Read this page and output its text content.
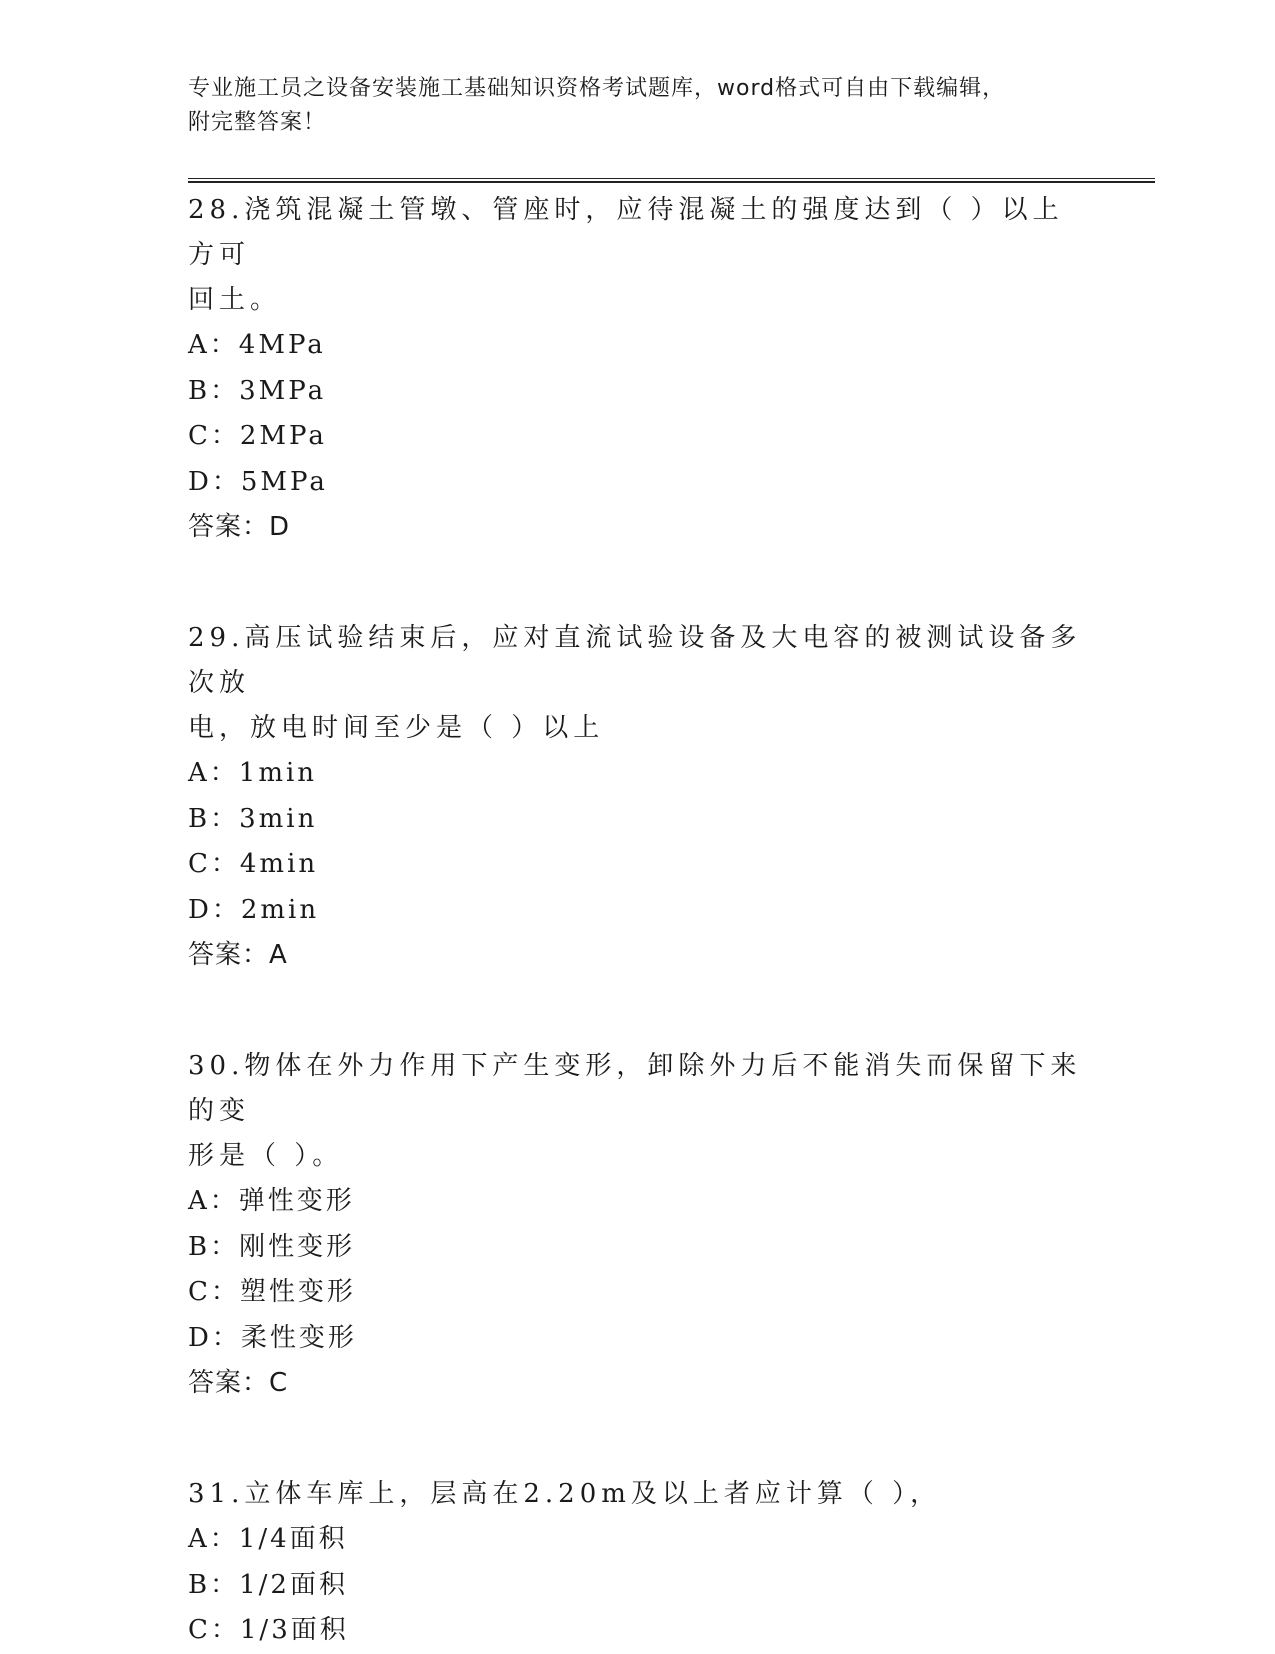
专业施工员之设备安装施工基础知识资格考试题库，word格式可自由下载编辑，
附完整答案！

28.浇筑混凝土管墩、管座时，应待混凝土的强度达到（ ）以上方可

回土。

A：4MPa

B：3MPa

C：2MPa

D：5MPa

答案：D

29.高压试验结束后，应对直流试验设备及大电容的被测试设备多次放

电，放电时间至少是（ ）以上

A：1min

B：3min

C：4min

D：2min

答案：A

30.物体在外力作用下产生变形，卸除外力后不能消失而保留下来的变

形是（ ）。

A：弹性变形

B：刚性变形

C：塑性变形

D：柔性变形

答案：C

31.立体车库上，层高在2.20m及以上者应计算（ ），

A：1/4面积

B：1/2面积

C：1/3面积
